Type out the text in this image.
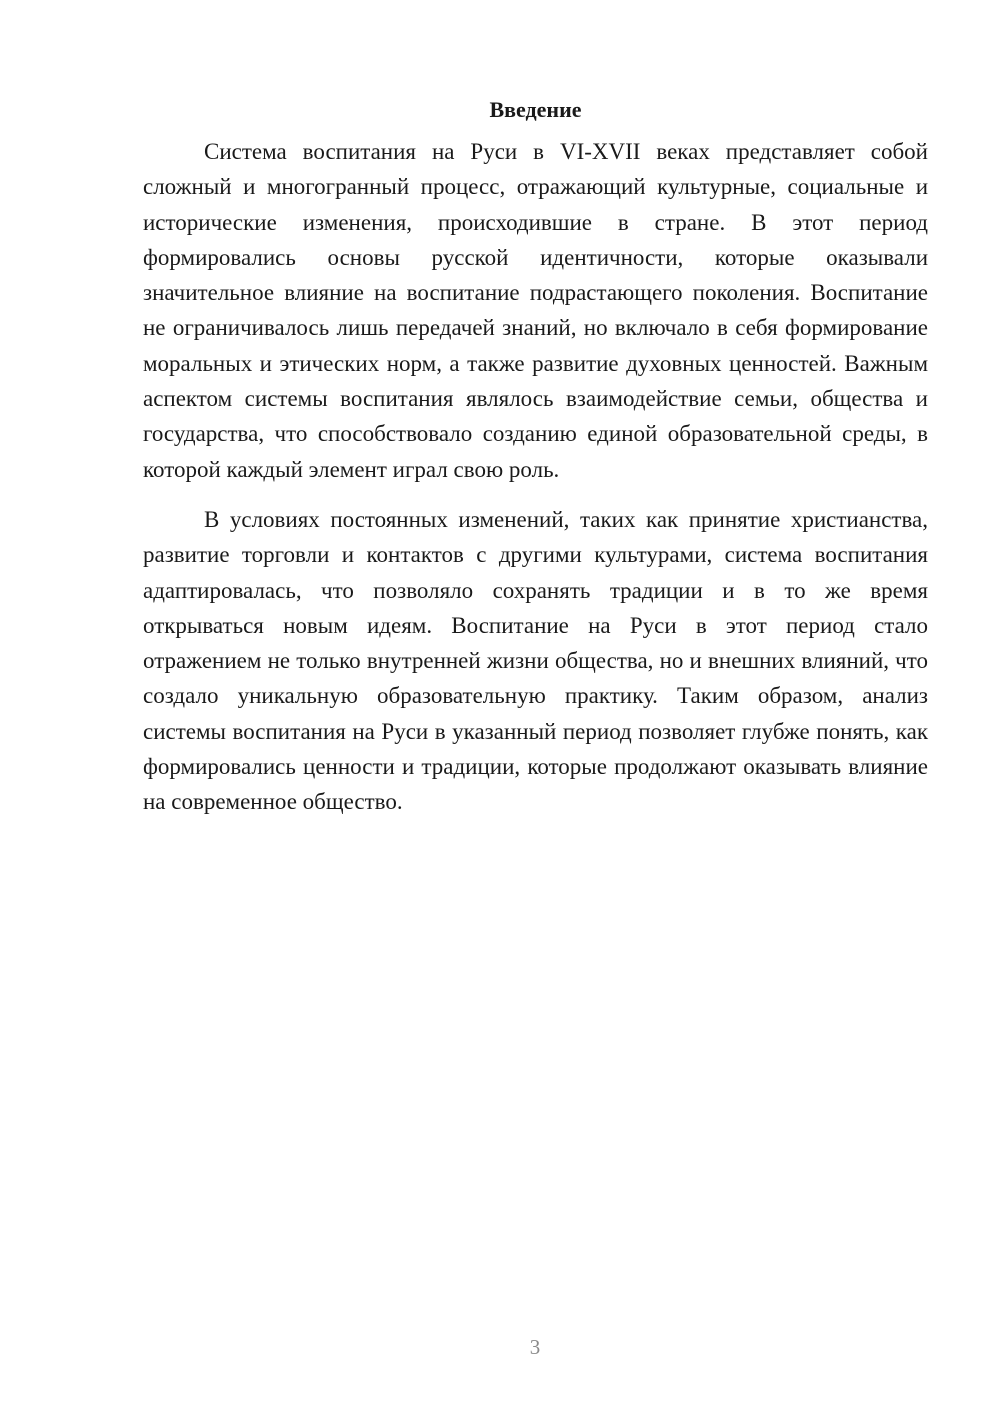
Введение

Система воспитания на Руси в VI-XVII веках представляет собой сложный и многогранный процесс, отражающий культурные, социальные и исторические изменения, происходившие в стране. В этот период формировались основы русской идентичности, которые оказывали значительное влияние на воспитание подрастающего поколения. Воспитание не ограничивалось лишь передачей знаний, но включало в себя формирование моральных и этических норм, а также развитие духовных ценностей. Важным аспектом системы воспитания являлось взаимодействие семьи, общества и государства, что способствовало созданию единой образовательной среды, в которой каждый элемент играл свою роль.

В условиях постоянных изменений, таких как принятие христианства, развитие торговли и контактов с другими культурами, система воспитания адаптировалась, что позволяло сохранять традиции и в то же время открываться новым идеям. Воспитание на Руси в этот период стало отражением не только внутренней жизни общества, но и внешних влияний, что создало уникальную образовательную практику. Таким образом, анализ системы воспитания на Руси в указанный период позволяет глубже понять, как формировались ценности и традиции, которые продолжают оказывать влияние на современное общество.

3
